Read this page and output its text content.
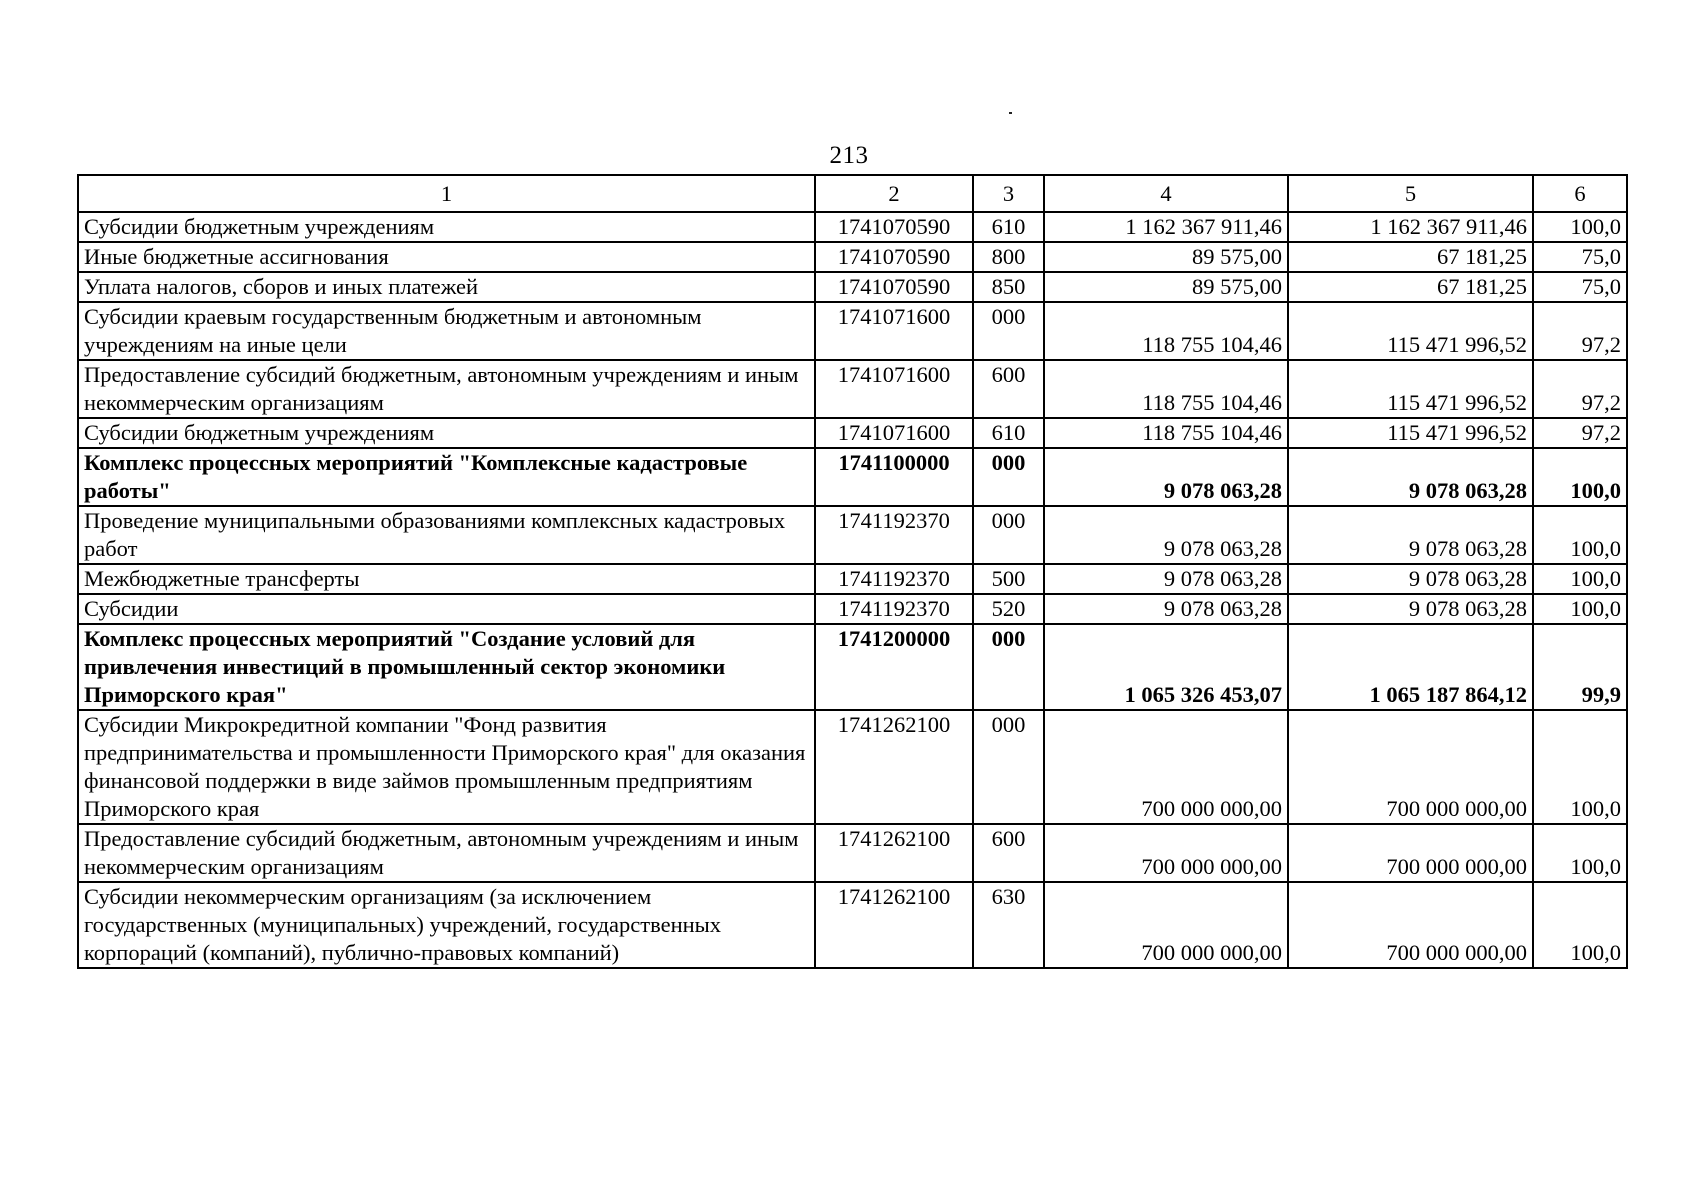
213
1	2	3	4	5	6
Субсидии бюджетным учреждениям	1741070590	610	1 162 367 911,46	1 162 367 911,46	100,0
Иные бюджетные ассигнования	1741070590	800	89 575,00	67 181,25	75,0
Уплата налогов, сборов и иных платежей	1741070590	850	89 575,00	67 181,25	75,0
Субсидии краевым государственным бюджетным и автономным учреждениям на иные цели	1741071600	000	118 755 104,46	115 471 996,52	97,2
Предоставление субсидий бюджетным, автономным учреждениям и иным некоммерческим организациям	1741071600	600	118 755 104,46	115 471 996,52	97,2
Субсидии бюджетным учреждениям	1741071600	610	118 755 104,46	115 471 996,52	97,2
Комплекс процессных мероприятий "Комплексные кадастровые работы"	1741100000	000	9 078 063,28	9 078 063,28	100,0
Проведение муниципальными образованиями комплексных кадастровых работ	1741192370	000	9 078 063,28	9 078 063,28	100,0
Межбюджетные трансферты	1741192370	500	9 078 063,28	9 078 063,28	100,0
Субсидии	1741192370	520	9 078 063,28	9 078 063,28	100,0
Комплекс процессных мероприятий "Создание условий для привлечения инвестиций в промышленный сектор экономики Приморского края"	1741200000	000	1 065 326 453,07	1 065 187 864,12	99,9
Субсидии Микрокредитной компании "Фонд развития предпринимательства и промышленности Приморского края" для оказания финансовой поддержки в виде займов промышленным предприятиям Приморского края	1741262100	000	700 000 000,00	700 000 000,00	100,0
Предоставление субсидий бюджетным, автономным учреждениям и иным некоммерческим организациям	1741262100	600	700 000 000,00	700 000 000,00	100,0
Субсидии некоммерческим организациям (за исключением государственных (муниципальных) учреждений, государственных корпораций (компаний), публично-правовых компаний)	1741262100	630	700 000 000,00	700 000 000,00	100,0
